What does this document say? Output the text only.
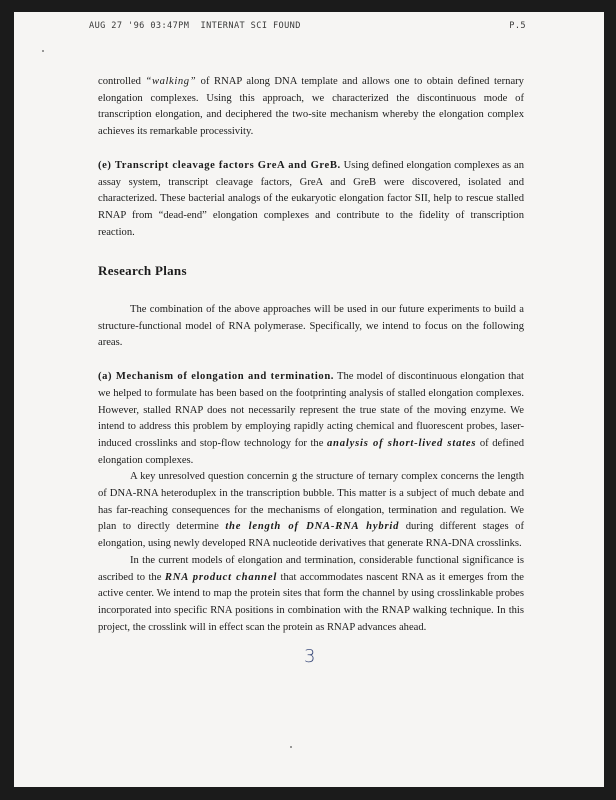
AUG 27 '96 03:47PM INTERNAT SCI FOUND	P.5

controlled “walking” of RNAP along DNA template and allows one to obtain defined ternary elongation complexes. Using this approach, we characterized the discontinuous mode of transcription elongation, and deciphered the two-site mechanism whereby the elongation complex achieves its remarkable processivity.

(e) Transcript cleavage factors GreA and GreB. Using defined elongation complexes as an assay system, transcript cleavage factors, GreA and GreB were discovered, isolated and characterized. These bacterial analogs of the eukaryotic elongation factor SII, help to rescue stalled RNAP from “dead-end” elongation complexes and contribute to the fidelity of transcription reaction.

Research Plans

The combination of the above approaches will be used in our future experiments to build a structure-functional model of RNA polymerase. Specifically, we intend to focus on the following areas.

(a) Mechanism of elongation and termination. The model of discontinuous elongation that we helped to formulate has been based on the footprinting analysis of stalled elongation complexes. However, stalled RNAP does not necessarily represent the true state of the moving enzyme. We intend to address this problem by employing rapidly acting chemical and fluorescent probes, laser-induced crosslinks and stop-flow technology for the analysis of short-lived states of defined elongation complexes.

A key unresolved question concernin g the structure of ternary complex concerns the length of DNA-RNA heteroduplex in the transcription bubble. This matter is a subject of much debate and has far-reaching consequences for the mechanisms of elongation, termination and regulation. We plan to directly determine the length of DNA-RNA hybrid during different stages of elongation, using newly developed RNA nucleotide derivatives that generate RNA-DNA crosslinks.

In the current models of elongation and termination, considerable functional significance is ascribed to the RNA product channel that accommodates nascent RNA as it emerges from the active center. We intend to map the protein sites that form the channel by using crosslinkable probes incorporated into specific RNA positions in combination with the RNAP walking technique. In this project, the crosslink will in effect scan the protein as RNAP advances ahead.

3
